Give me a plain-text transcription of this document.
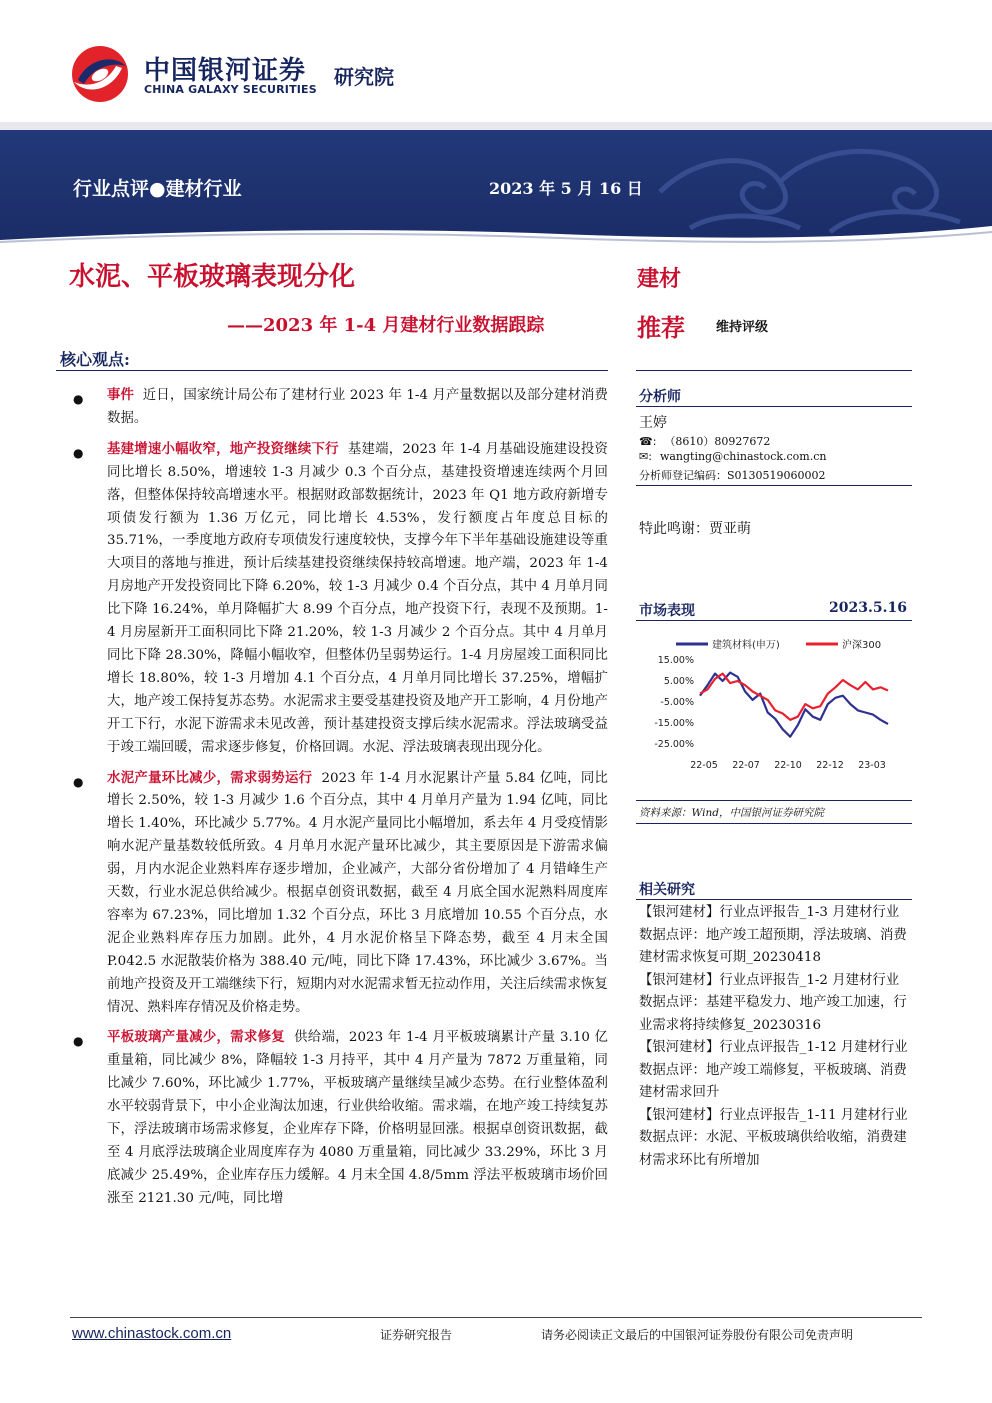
中国银河证券
CHINA GALAXY SECURITIES
研究院
行业点评●建材行业	2023 年 5 月 16 日
水泥、平板玻璃表现分化
——2023 年 1-4 月建材行业数据跟踪
建材
推荐 维持评级
核心观点:
● 事件 近日，国家统计局公布了建材行业 2023 年 1-4 月产量数据以及部分建材消费数据。
● 基建增速小幅收窄，地产投资继续下行 基建端，2023 年 1-4 月基础设施建设投资同比增长 8.50%，增速较 1-3 月减少 0.3 个百分点，基建投资增速连续两个月回落，但整体保持较高增速水平。根据财政部数据统计，2023 年 Q1 地方政府新增专项债发行额为 1.36 万亿元，同比增长 4.53%，发行额度占年度总目标的 35.71%，一季度地方政府专项债发行速度较快，支撑今年下半年基础设施建设等重大项目的落地与推进，预计后续基建投资继续保持较高增速。地产端，2023 年 1-4 月房地产开发投资同比下降 6.20%，较 1-3 月减少 0.4 个百分点，其中 4 月单月同比下降 16.24%，单月降幅扩大 8.99 个百分点，地产投资下行，表现不及预期。1-4 月房屋新开工面积同比下降 21.20%，较 1-3 月减少 2 个百分点。其中 4 月单月同比下降 28.30%，降幅小幅收窄，但整体仍呈弱势运行。1-4 月房屋竣工面积同比增长 18.80%，较 1-3 月增加 4.1 个百分点，4 月单月同比增长 37.25%，增幅扩大，地产竣工保持复苏态势。水泥需求主要受基建投资及地产开工影响，4 月份地产开工下行，水泥下游需求未见改善，预计基建投资支撑后续水泥需求。浮法玻璃受益于竣工端回暖，需求逐步修复，价格回调。水泥、浮法玻璃表现出现分化。
● 水泥产量环比减少，需求弱势运行 2023 年 1-4 月水泥累计产量 5.84 亿吨，同比增长 2.50%，较 1-3 月减少 1.6 个百分点，其中 4 月单月产量为 1.94 亿吨，同比增长 1.40%，环比减少 5.77%。4 月水泥产量同比小幅增加，系去年 4 月受疫情影响水泥产量基数较低所致。4 月单月水泥产量环比减少，其主要原因是下游需求偏弱，月内水泥企业熟料库存逐步增加，企业减产，大部分省份增加了 4 月错峰生产天数，行业水泥总供给减少。根据卓创资讯数据，截至 4 月底全国水泥熟料周度库容率为 67.23%，同比增加 1.32 个百分点，环比 3 月底增加 10.55 个百分点，水泥企业熟料库存压力加剧。此外，4 月水泥价格呈下降态势，截至 4 月末全国 P.042.5 水泥散装价格为 388.40 元/吨，同比下降 17.43%，环比减少 3.67%。当前地产投资及开工端继续下行，短期内对水泥需求暂无拉动作用，关注后续需求恢复情况、熟料库存情况及价格走势。
● 平板玻璃产量减少，需求修复 供给端，2023 年 1-4 月平板玻璃累计产量 3.10 亿重量箱，同比减少 8%，降幅较 1-3 月持平，其中 4 月产量为 7872 万重量箱，同比减少 7.60%，环比减少 1.77%，平板玻璃产量继续呈减少态势。在行业整体盈利水平较弱背景下，中小企业淘汰加速，行业供给收缩。需求端，在地产竣工持续复苏下，浮法玻璃市场需求修复，企业库存下降，价格明显回涨。根据卓创资讯数据，截至 4 月底浮法玻璃企业周度库存为 4080 万重量箱，同比减少 33.29%，环比 3 月底减少 25.49%，企业库存压力缓解。4 月末全国 4.8/5mm 浮法平板玻璃市场价回涨至 2121.30 元/吨，同比增
分析师
王婷
☎: （8610）80927672
✉: wangting@chinastock.com.cn
分析师登记编码：S0130519060002
特此鸣谢：贾亚萌
市场表现	2023.5.16
建筑材料(申万)	沪深300
15.00%
5.00%
-5.00%
-15.00%
-25.00%
22-05 22-07 22-10 22-12 23-03
资料来源：Wind，中国银河证券研究院
相关研究
【银河建材】行业点评报告_1-3 月建材行业数据点评：地产竣工超预期，浮法玻璃、消费建材需求恢复可期_20230418
【银河建材】行业点评报告_1-2 月建材行业数据点评：基建平稳发力、地产竣工加速，行业需求将持续修复_20230316
【银河建材】行业点评报告_1-12 月建材行业数据点评：地产竣工端修复，平板玻璃、消费建材需求回升
【银河建材】行业点评报告_1-11 月建材行业数据点评：水泥、平板玻璃供给收缩，消费建材需求环比有所增加
www.chinastock.com.cn	证券研究报告	请务必阅读正文最后的中国银河证券股份有限公司免责声明
